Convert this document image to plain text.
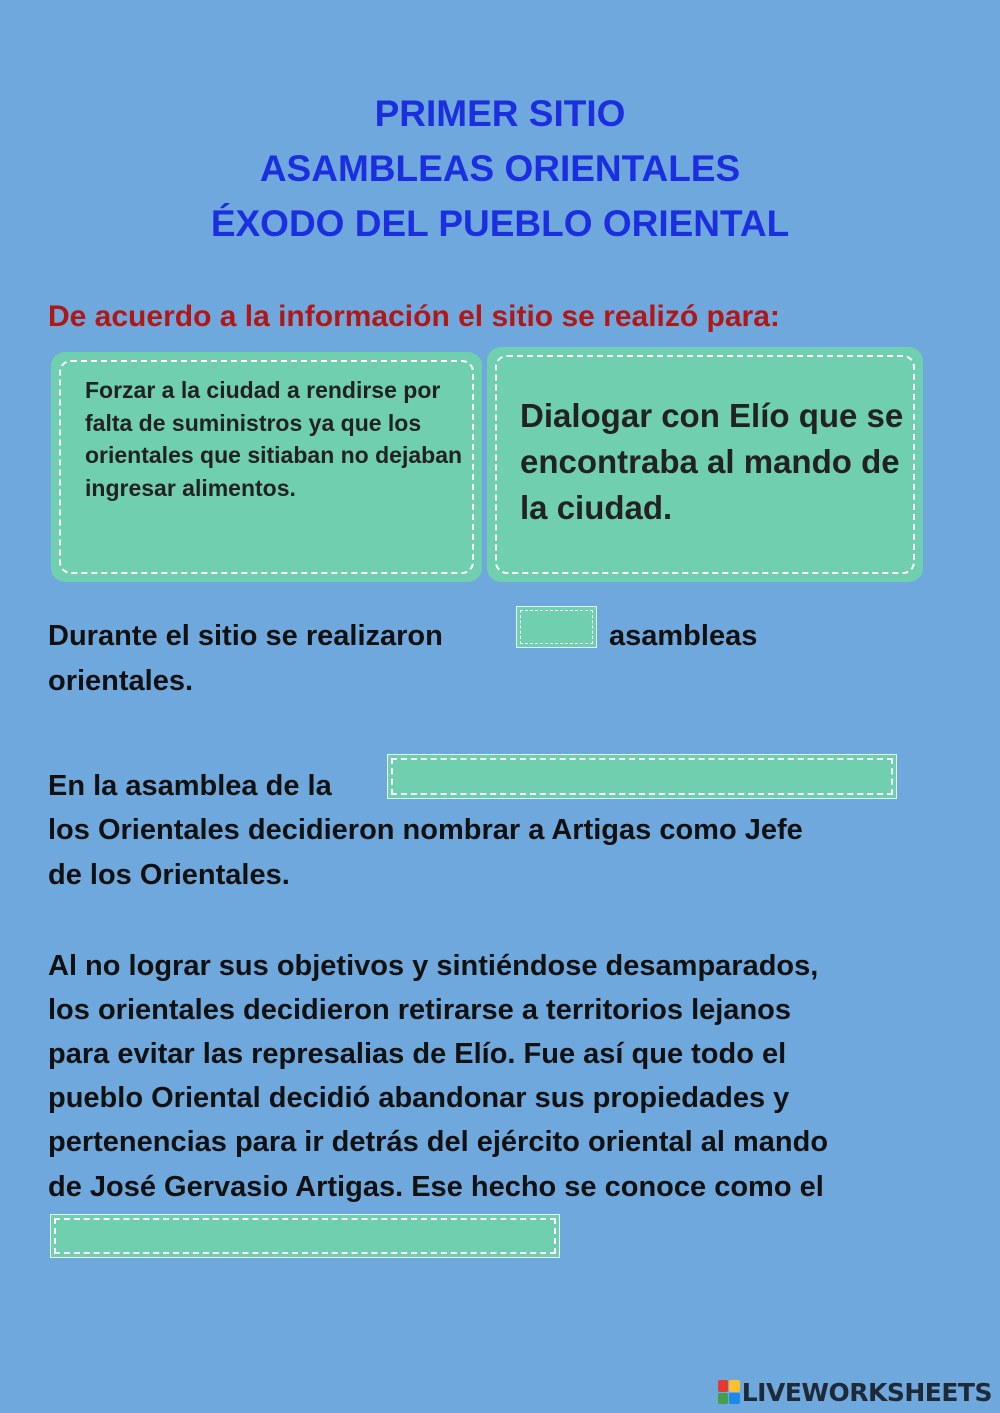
PRIMER SITIO
ASAMBLEAS ORIENTALES
ÉXODO DEL PUEBLO ORIENTAL
De acuerdo a la información el sitio se realizó para:
Forzar a la ciudad a rendirse por falta de suministros ya que los orientales que sitiaban no dejaban ingresar alimentos.
Dialogar con Elío que se encontraba al mando de la ciudad.
Durante el sitio se realizaron	asambleas
orientales.
En la asamblea de la
los Orientales decidieron nombrar a Artigas como Jefe
de los Orientales.
Al no lograr sus objetivos y sintiéndose desamparados,
los orientales decidieron retirarse a territorios lejanos
para evitar las represalias de Elío. Fue así que todo el
pueblo Oriental decidió abandonar sus propiedades y
pertenencias para ir detrás del ejército oriental al mando
de José Gervasio Artigas. Ese hecho se conoce como el
LIVEWORKSHEETS
